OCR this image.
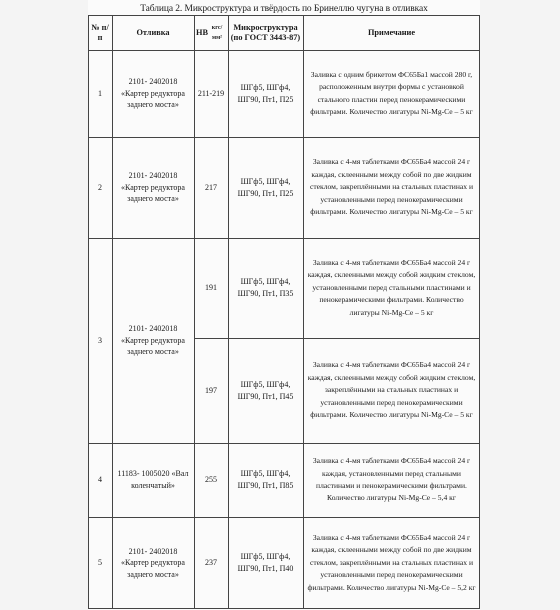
Таблица 2. Микроструктура и твёрдость по Бринеллю чугуна в отливках
№ п/п
Отливка	НВ кгс/мм²
Микроструктура (по ГОСТ 3443-87)
Примечание
1
2101- 2402018 «Картер редуктора заднего моста»
211-219
ШГф5, ШГф4, ШГ90, Пт1, П25
Заливка с одним брикетом ФС65Ба1 массой 280 г, расположенным внутри формы с установкой стального пластин перед пенокерамическими фильтрами. Количество лигатуры Ni-Mg-Ce – 5 кг
2
2101- 2402018 «Картер редуктора заднего моста»
217
ШГф5, ШГф4, ШГ90, Пт1, П25
Заливка с 4-мя таблетками ФС65Ба4 массой 24 г каждая, склеенными между собой по две жидким стеклом, закреплёнными на стальных пластинах и установленными перед пенокерамическими фильтрами. Количество лигатуры Ni-Mg-Ce – 5 кг
3
2101- 2402018 «Картер редуктора заднего моста»
191
ШГф5, ШГф4, ШГ90, Пт1, П35
Заливка с 4-мя таблетками ФС65Ба4 массой 24 г каждая, склеенными между собой жидким стеклом, установленными перед стальными пластинами и пенокерамическими фильтрами. Количество лигатуры Ni-Mg-Ce – 5 кг
197
ШГф5, ШГф4, ШГ90, Пт1, П45
Заливка с 4-мя таблетками ФС65Ба4 массой 24 г каждая, склеенными между собой жидким стеклом, закреплёнными на стальных пластинах и установленными перед пенокерамическими фильтрами. Количество лигатуры Ni-Mg-Ce – 5 кг
4
11183- 1005020 «Вал коленчатый»
255
ШГф5, ШГф4, ШГ90, Пт1, П85
Заливка с 4-мя таблетками ФС65Ба4 массой 24 г каждая, установленными перед стальными пластинами и пенокерамическими фильтрами. Количество лигатуры Ni-Mg-Ce – 5,4 кг
5
2101- 2402018 «Картер редуктора заднего моста»
237
ШГф5, ШГф4, ШГ90, Пт1, П40
Заливка с 4-мя таблетками ФС65Ба4 массой 24 г каждая, склеенными между собой по две жидким стеклом, закреплёнными на стальных пластинах и установленными перед пенокерамическими фильтрами. Количество лигатуры Ni-Mg-Ce – 5,2 кг
